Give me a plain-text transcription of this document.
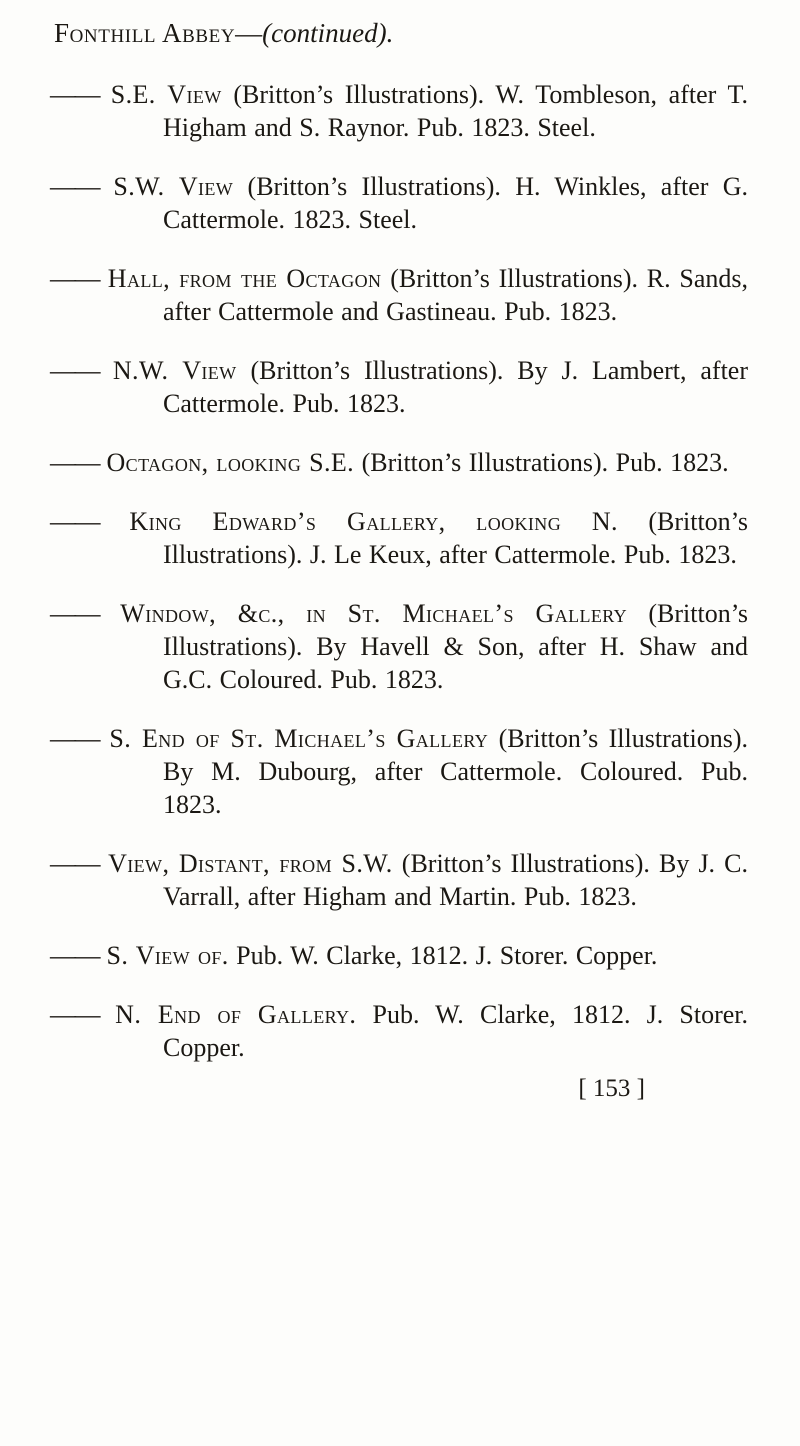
Fonthill Abbey—(continued).

—— S.E. View (Britton’s Illustrations). W. Tombleson, after T. Higham and S. Raynor. Pub. 1823. Steel.

—— S.W. View (Britton’s Illustrations). H. Winkles, after G. Cattermole. 1823. Steel.

—— Hall, from the Octagon (Britton’s Illustrations). R. Sands, after Cattermole and Gastineau. Pub. 1823.

—— N.W. View (Britton’s Illustrations). By J. Lambert, after Cattermole. Pub. 1823.

—— Octagon, looking S.E. (Britton’s Illustrations). Pub. 1823.

—— King Edward’s Gallery, looking N. (Britton’s Illustrations). J. Le Keux, after Cattermole. Pub. 1823.

—— Window, &c., in St. Michael’s Gallery (Britton’s Illustrations). By Havell & Son, after H. Shaw and G.C. Coloured. Pub. 1823.

—— S. End of St. Michael’s Gallery (Britton’s Illustrations). By M. Dubourg, after Cattermole. Coloured. Pub. 1823.

—— View, Distant, from S.W. (Britton’s Illustrations). By J. C. Varrall, after Higham and Martin. Pub. 1823.

—— S. View of. Pub. W. Clarke, 1812. J. Storer. Copper.

—— N. End of Gallery. Pub. W. Clarke, 1812. J. Storer. Copper.

[ 153 ]
